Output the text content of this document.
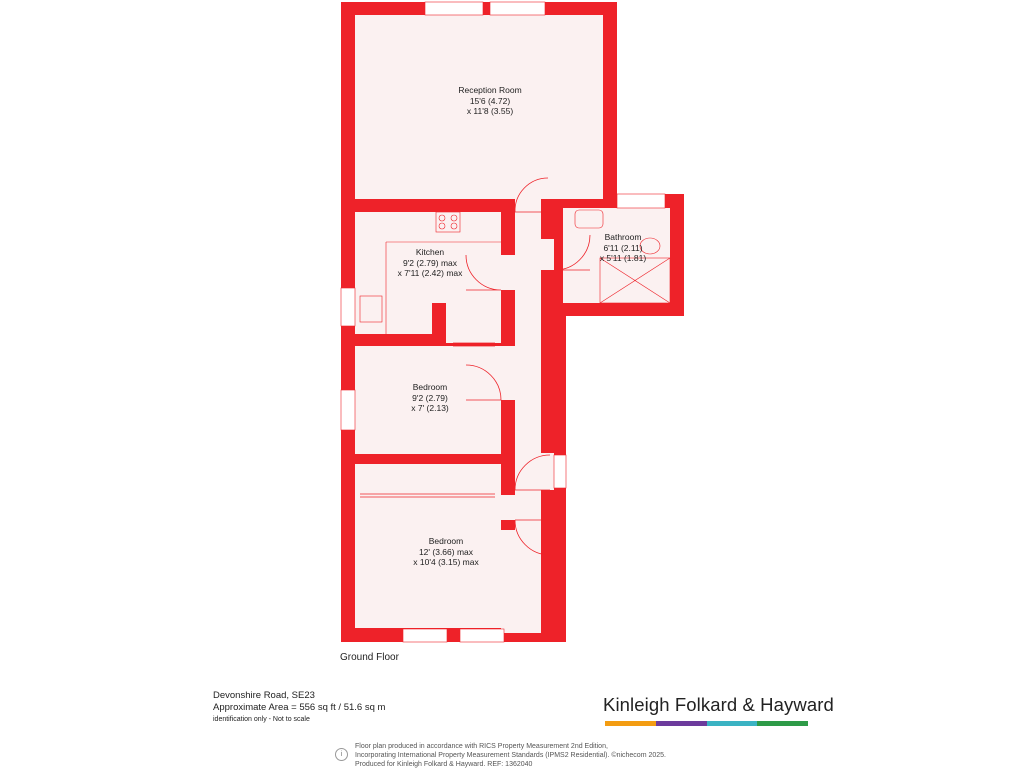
Reception Room
15'6 (4.72)
x 11'8 (3.55)
Kitchen
9'2 (2.79) max
x 7'11 (2.42) max
Bathroom
6'11 (2.11)
x 5'11 (1.81)
Bedroom
9'2 (2.79)
x 7' (2.13)
Bedroom
12' (3.66) max
x 10'4 (3.15) max
Ground Floor
Devonshire Road, SE23
Approximate Area = 556 sq ft / 51.6 sq m
identification only - Not to scale
Kinleigh Folkard & Hayward
i
Floor plan produced in accordance with RICS Property Measurement 2nd Edition,
Incorporating International Property Measurement Standards (IPMS2 Residential). ©nichecom 2025.
Produced for Kinleigh Folkard & Hayward. REF: 1362040
